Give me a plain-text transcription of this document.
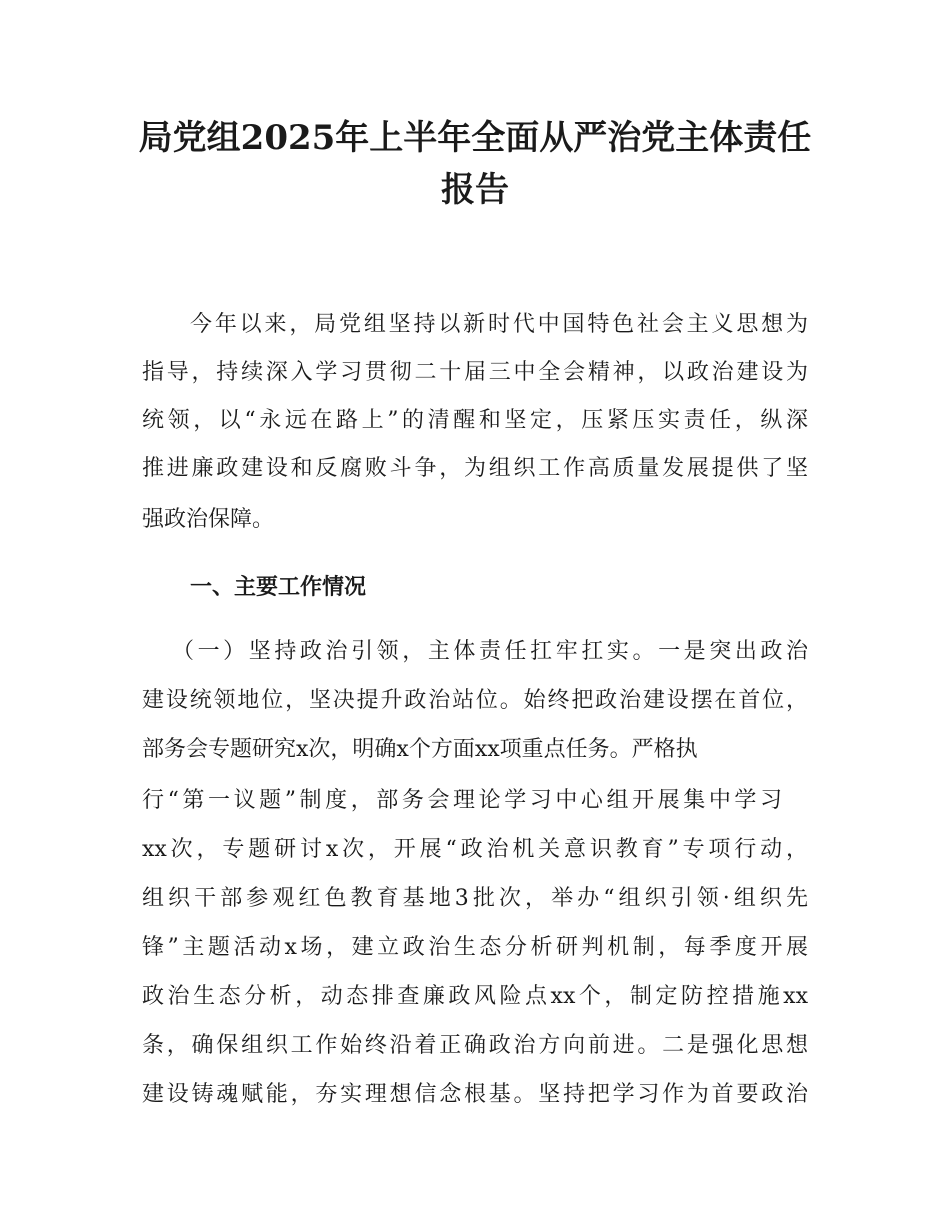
局党组2025年上半年全面从严治党主体责任
报告

今年以来，局党组坚持以新时代中国特色社会主义思想为

指导，持续深入学习贯彻二十届三中全会精神，以政治建设为

统领，以“永远在路上”的清醒和坚定，压紧压实责任，纵深

推进廉政建设和反腐败斗争，为组织工作高质量发展提供了坚

强政治保障。

一、主要工作情况

（一）坚持政治引领，主体责任扛牢扛实。一是突出政治

建设统领地位，坚决提升政治站位。始终把政治建设摆在首位，

部务会专题研究x次，明确x个方面xx项重点任务。严格执

行“第一议题”制度，部务会理论学习中心组开展集中学习

xx次，专题研讨x次，开展“政治机关意识教育”专项行动，

组织干部参观红色教育基地3批次，举办“组织引领·组织先

锋”主题活动x场，建立政治生态分析研判机制，每季度开展

政治生态分析，动态排查廉政风险点xx个，制定防控措施xx

条，确保组织工作始终沿着正确政治方向前进。二是强化思想

建设铸魂赋能，夯实理想信念根基。坚持把学习作为首要政治
